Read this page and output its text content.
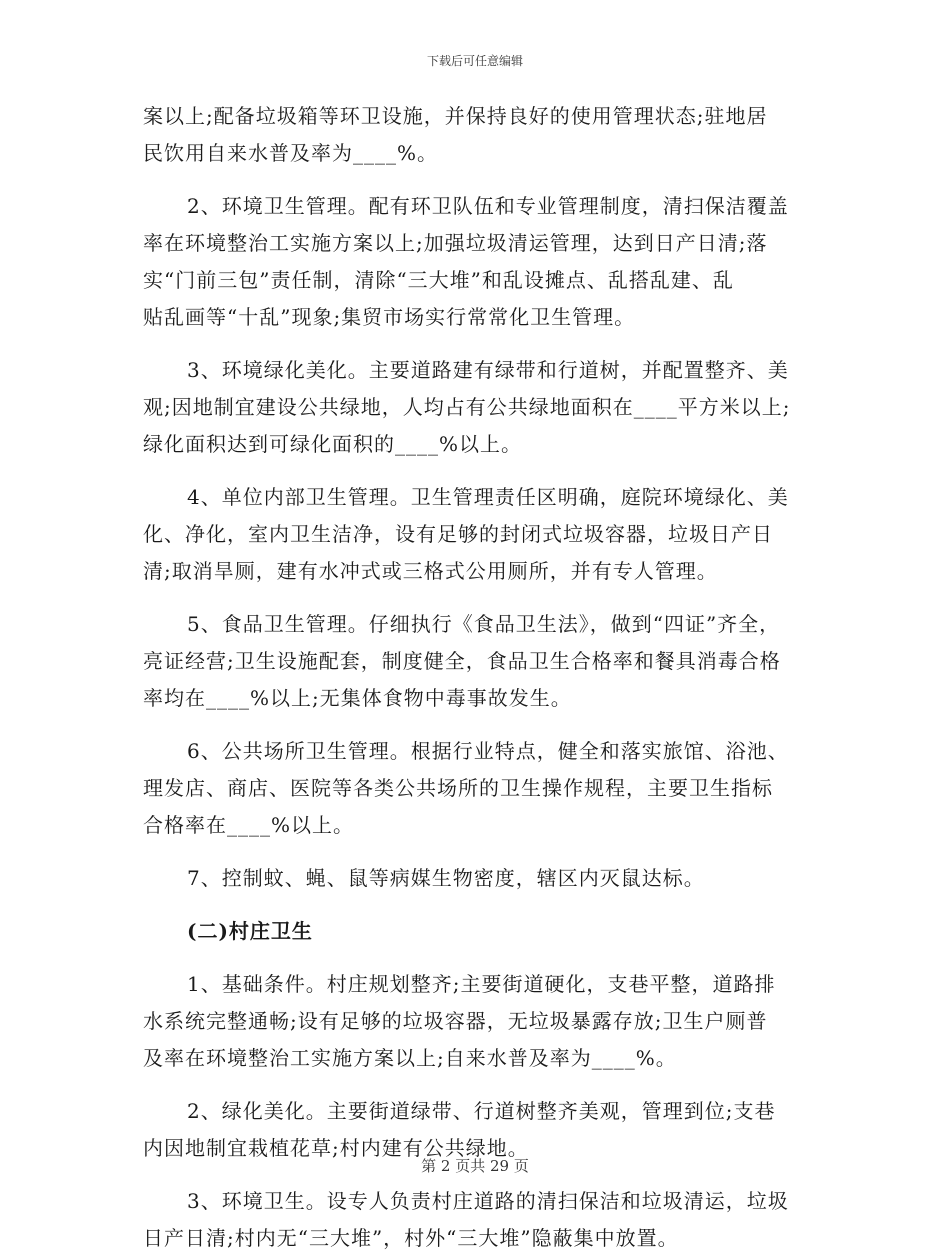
下载后可任意编辑
案以上;配备垃圾箱等环卫设施，并保持良好的使用管理状态;驻地居
民饮用自来水普及率为____%。
2、环境卫生管理。配有环卫队伍和专业管理制度，清扫保洁覆盖
率在环境整治工实施方案以上;加强垃圾清运管理，达到日产日清;落
实“门前三包”责任制，清除“三大堆”和乱设摊点、乱搭乱建、乱
贴乱画等“十乱”现象;集贸市场实行常常化卫生管理。
3、环境绿化美化。主要道路建有绿带和行道树，并配置整齐、美
观;因地制宜建设公共绿地，人均占有公共绿地面积在____平方米以上;
绿化面积达到可绿化面积的____%以上。
4、单位内部卫生管理。卫生管理责任区明确，庭院环境绿化、美
化、净化，室内卫生洁净，设有足够的封闭式垃圾容器，垃圾日产日
清;取消旱厕，建有水冲式或三格式公用厕所，并有专人管理。
5、食品卫生管理。仔细执行《食品卫生法》，做到“四证”齐全，
亮证经营;卫生设施配套，制度健全，食品卫生合格率和餐具消毒合格
率均在____%以上;无集体食物中毒事故发生。
6、公共场所卫生管理。根据行业特点，健全和落实旅馆、浴池、
理发店、商店、医院等各类公共场所的卫生操作规程，主要卫生指标
合格率在____%以上。
7、控制蚊、蝇、鼠等病媒生物密度，辖区内灭鼠达标。
(二)村庄卫生
1、基础条件。村庄规划整齐;主要街道硬化，支巷平整，道路排
水系统完整通畅;设有足够的垃圾容器，无垃圾暴露存放;卫生户厕普
及率在环境整治工实施方案以上;自来水普及率为____%。
2、绿化美化。主要街道绿带、行道树整齐美观，管理到位;支巷
内因地制宜栽植花草;村内建有公共绿地。
3、环境卫生。设专人负责村庄道路的清扫保洁和垃圾清运，垃圾
日产日清;村内无“三大堆”，村外“三大堆”隐蔽集中放置。
第 2 页共 29 页
